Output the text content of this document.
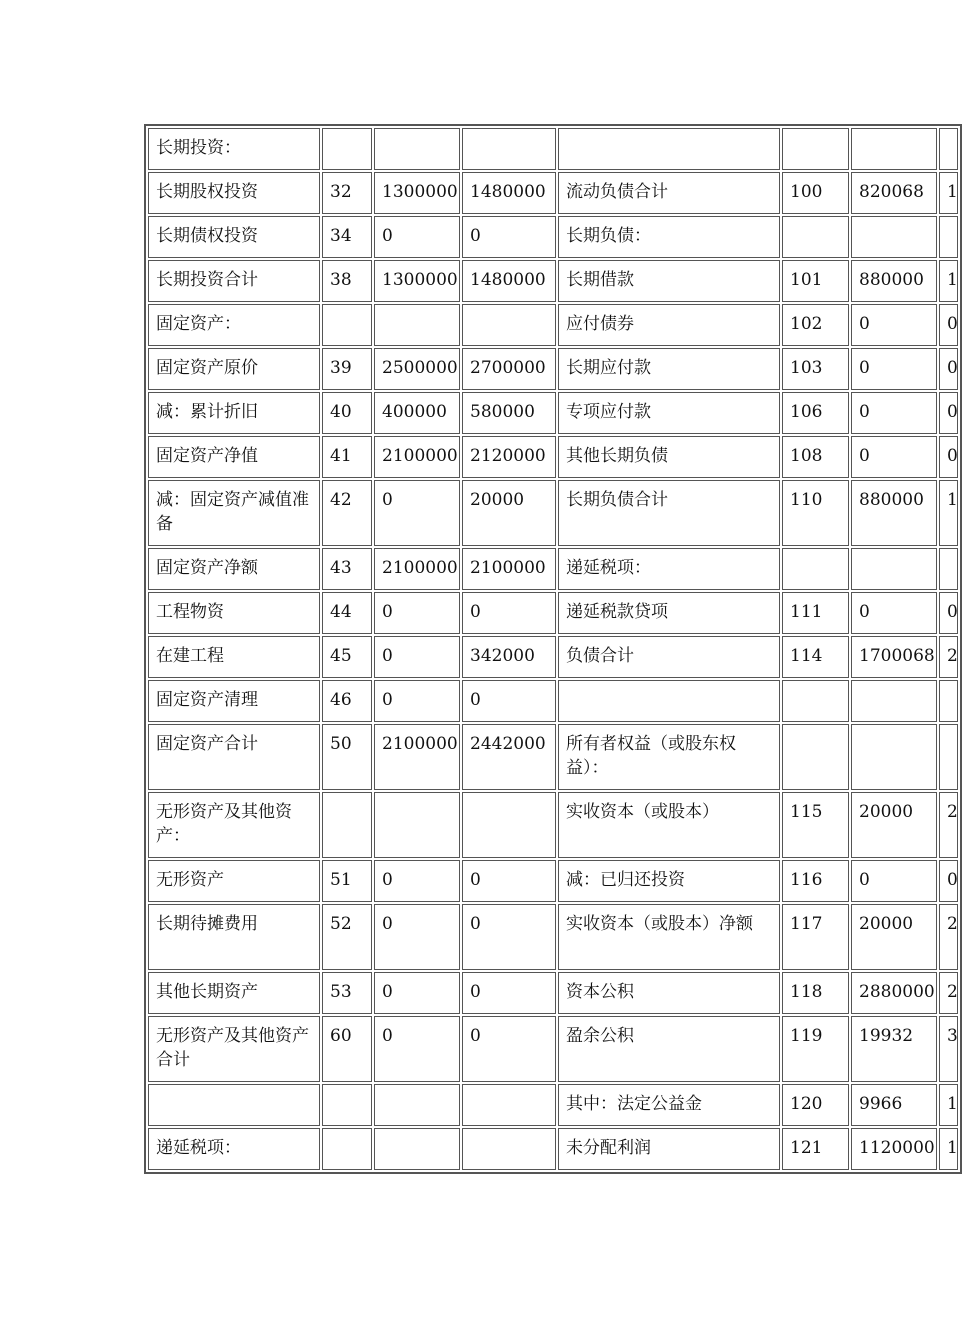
长期投资：							
长期股权投资	32	1300000	1480000	流动负债合计	100	820068	1
长期债权投资	34	0	0	长期负债：			
长期投资合计	38	1300000	1480000	长期借款	101	880000	1
固定资产：				应付债券	102	0	0
固定资产原价	39	2500000	2700000	长期应付款	103	0	0
减：累计折旧	40	400000	580000	专项应付款	106	0	0
固定资产净值	41	2100000	2120000	其他长期负债	108	0	0
减：固定资产减值准备	42	0	20000	长期负债合计	110	880000	1
固定资产净额	43	2100000	2100000	递延税项：			
工程物资	44	0	0	递延税款贷项	111	0	0
在建工程	45	0	342000	负债合计	114	1700068	2
固定资产清理	46	0	0				
固定资产合计	50	2100000	2442000	所有者权益（或股东权益）：			
无形资产及其他资产：				实收资本（或股本）	115	20000	2
无形资产	51	0	0	减：已归还投资	116	0	0
长期待摊费用	52	0	0	实收资本（或股本）净额	117	20000	2
其他长期资产	53	0	0	资本公积	118	2880000	2
无形资产及其他资产合计	60	0	0	盈余公积	119	19932	3
				其中：法定公益金	120	9966	1
递延税项：				未分配利润	121	1120000	1
